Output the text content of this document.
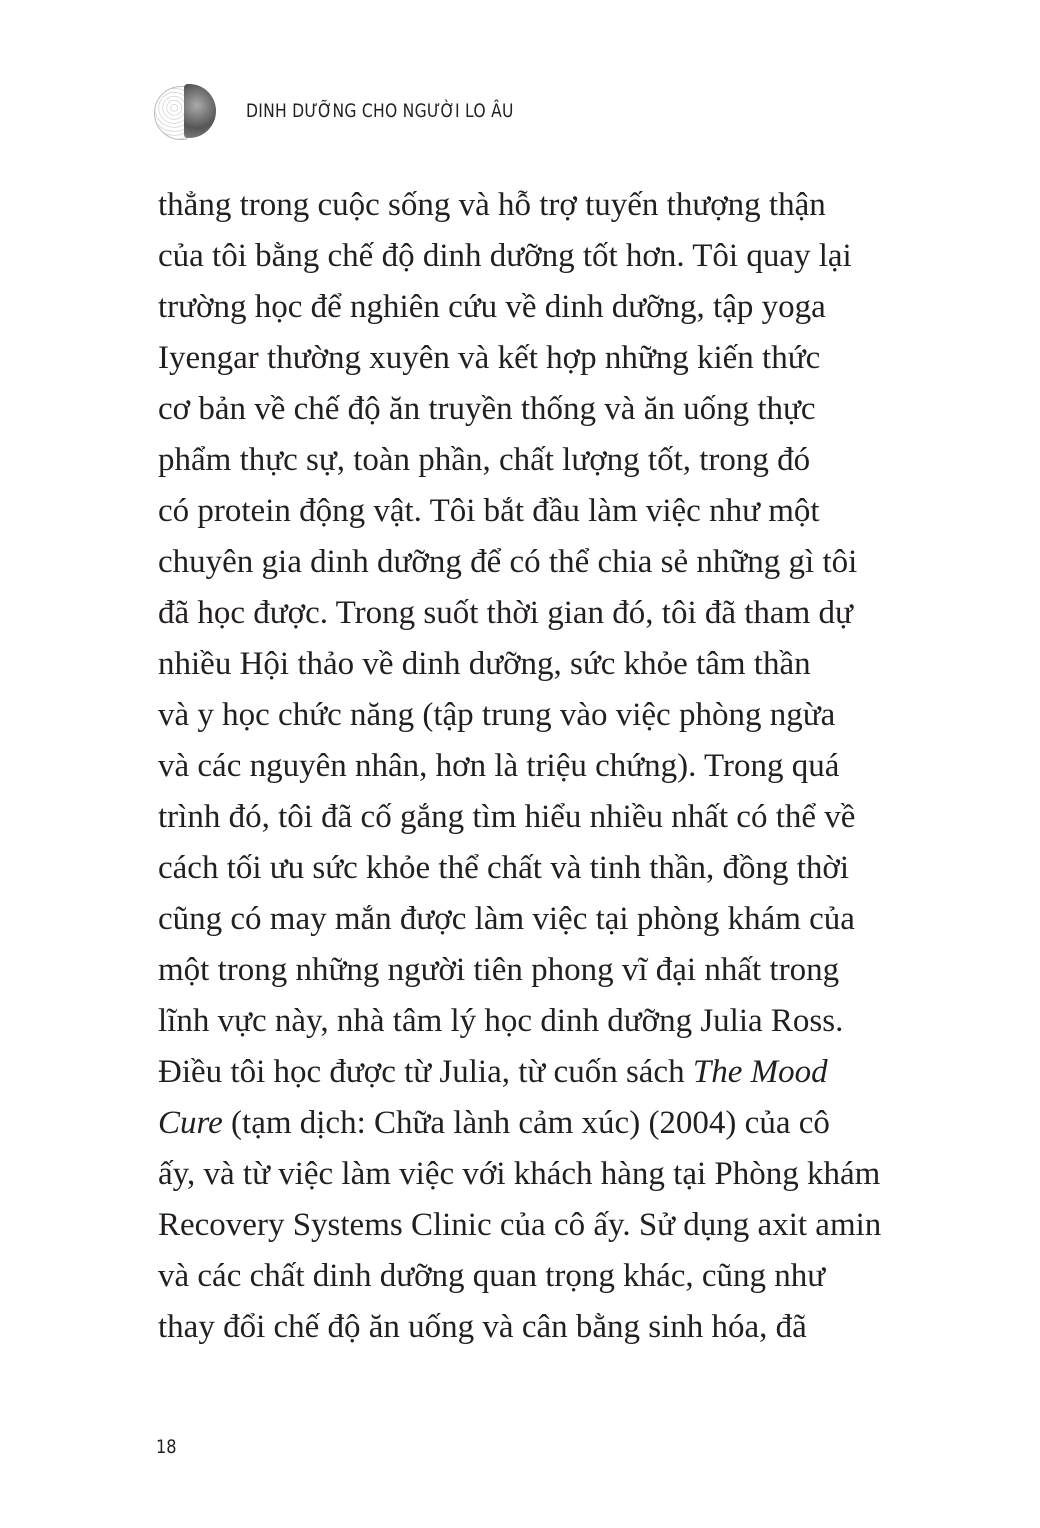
DINH DƯỠNG CHO NGƯỜI LO ÂU
thẳng trong cuộc sống và hỗ trợ tuyến thượng thận
của tôi bằng chế độ dinh dưỡng tốt hơn. Tôi quay lại
trường học để nghiên cứu về dinh dưỡng, tập yoga
Iyengar thường xuyên và kết hợp những kiến thức
cơ bản về chế độ ăn truyền thống và ăn uống thực
phẩm thực sự, toàn phần, chất lượng tốt, trong đó
có protein động vật. Tôi bắt đầu làm việc như một
chuyên gia dinh dưỡng để có thể chia sẻ những gì tôi
đã học được. Trong suốt thời gian đó, tôi đã tham dự
nhiều Hội thảo về dinh dưỡng, sức khỏe tâm thần
và y học chức năng (tập trung vào việc phòng ngừa
và các nguyên nhân, hơn là triệu chứng). Trong quá
trình đó, tôi đã cố gắng tìm hiểu nhiều nhất có thể về
cách tối ưu sức khỏe thể chất và tinh thần, đồng thời
cũng có may mắn được làm việc tại phòng khám của
một trong những người tiên phong vĩ đại nhất trong
lĩnh vực này, nhà tâm lý học dinh dưỡng Julia Ross.
Điều tôi học được từ Julia, từ cuốn sách The Mood
Cure (tạm dịch: Chữa lành cảm xúc) (2004) của cô
ấy, và từ việc làm việc với khách hàng tại Phòng khám
Recovery Systems Clinic của cô ấy. Sử dụng axit amin
và các chất dinh dưỡng quan trọng khác, cũng như
thay đổi chế độ ăn uống và cân bằng sinh hóa, đã
18
